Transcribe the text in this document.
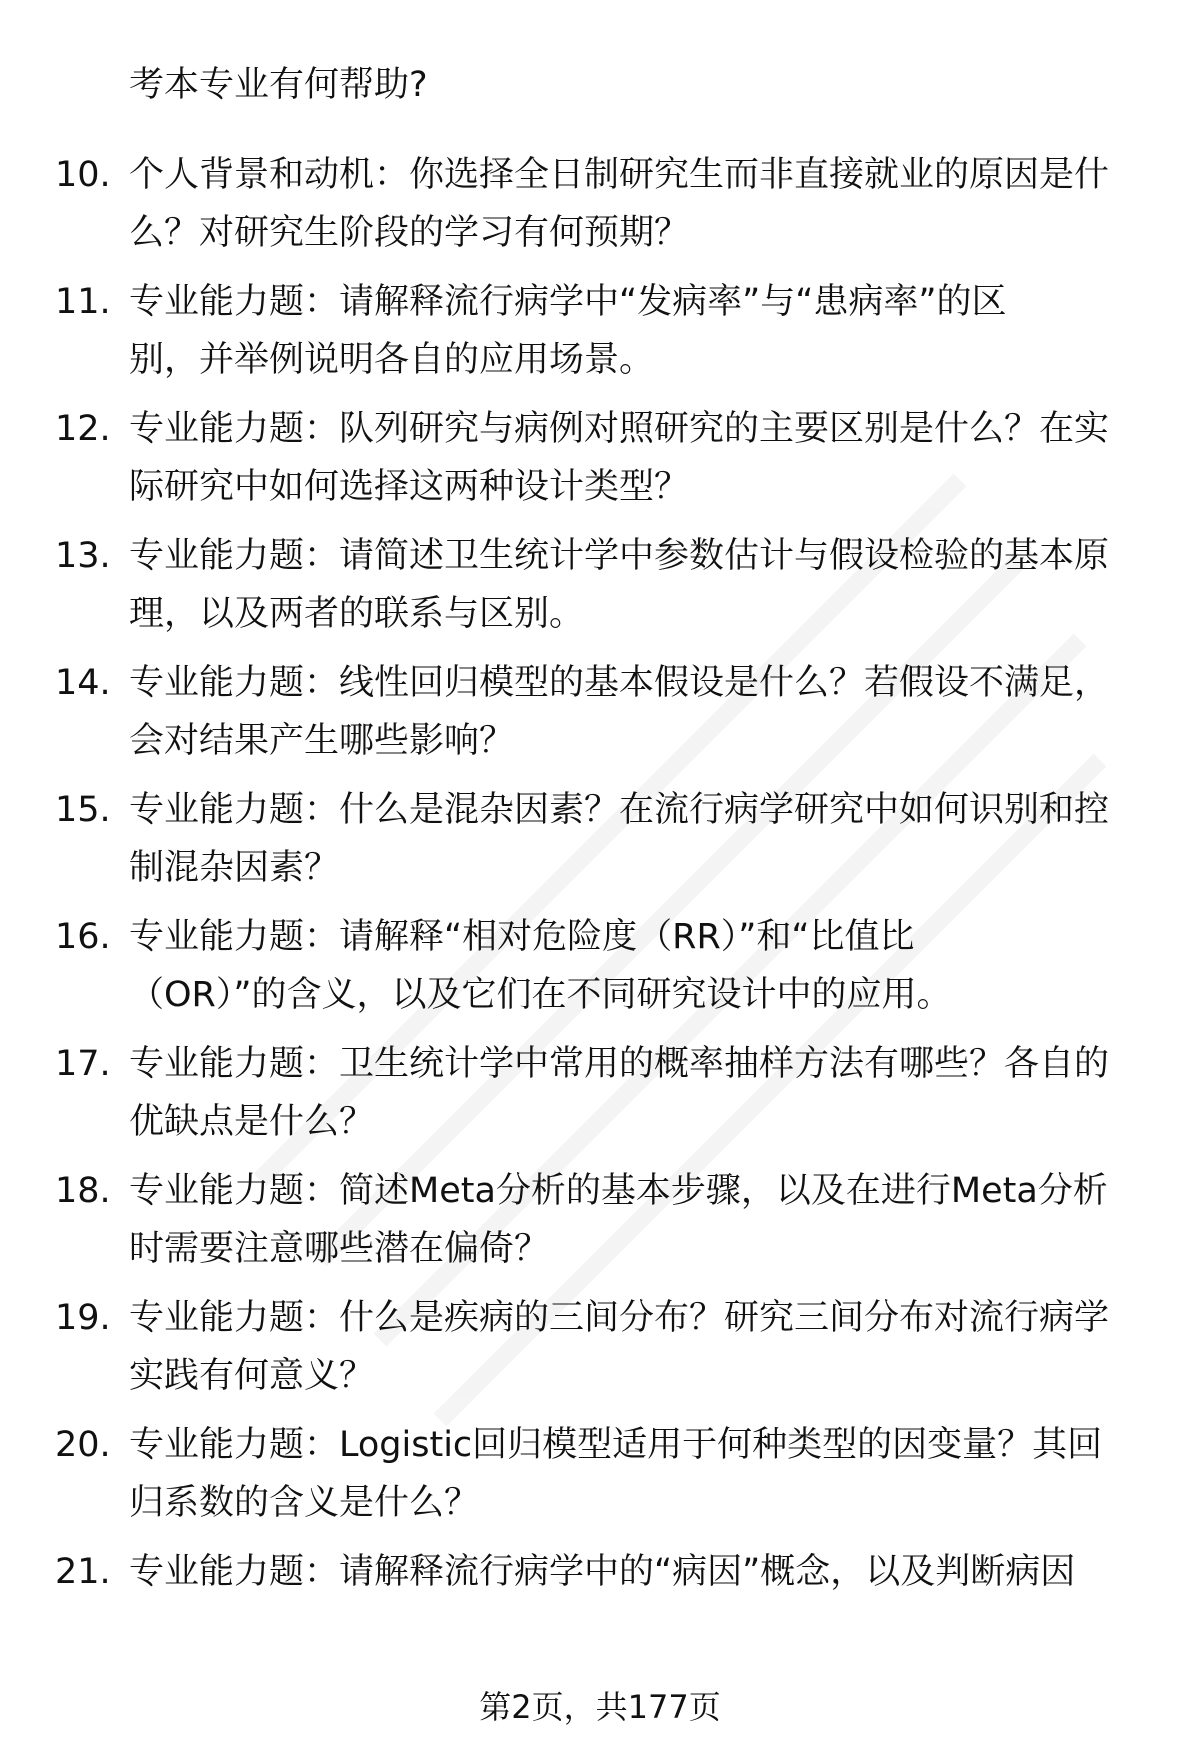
考本专业有何帮助?
10. 个人背景和动机：你选择全日制研究生而非直接就业的原因是什
么？对研究生阶段的学习有何预期？
11. 专业能力题：请解释流行病学中“发病率”与“患病率”的区
别，并举例说明各自的应用场景。
12. 专业能力题：队列研究与病例对照研究的主要区别是什么？在实
际研究中如何选择这两种设计类型？
13. 专业能力题：请简述卫生统计学中参数估计与假设检验的基本原
理，以及两者的联系与区别。
14. 专业能力题：线性回归模型的基本假设是什么？若假设不满足，
会对结果产生哪些影响？
15. 专业能力题：什么是混杂因素？在流行病学研究中如何识别和控
制混杂因素？
16. 专业能力题：请解释“相对危险度（RR）”和“比值比
（OR）”的含义，以及它们在不同研究设计中的应用。
17. 专业能力题：卫生统计学中常用的概率抽样方法有哪些？各自的
优缺点是什么？
18. 专业能力题：简述Meta分析的基本步骤，以及在进行Meta分析
时需要注意哪些潜在偏倚？
19. 专业能力题：什么是疾病的三间分布？研究三间分布对流行病学
实践有何意义？
20. 专业能力题：Logistic回归模型适用于何种类型的因变量？其回
归系数的含义是什么？
21. 专业能力题：请解释流行病学中的“病因”概念，以及判断病因
第2页，共177页
